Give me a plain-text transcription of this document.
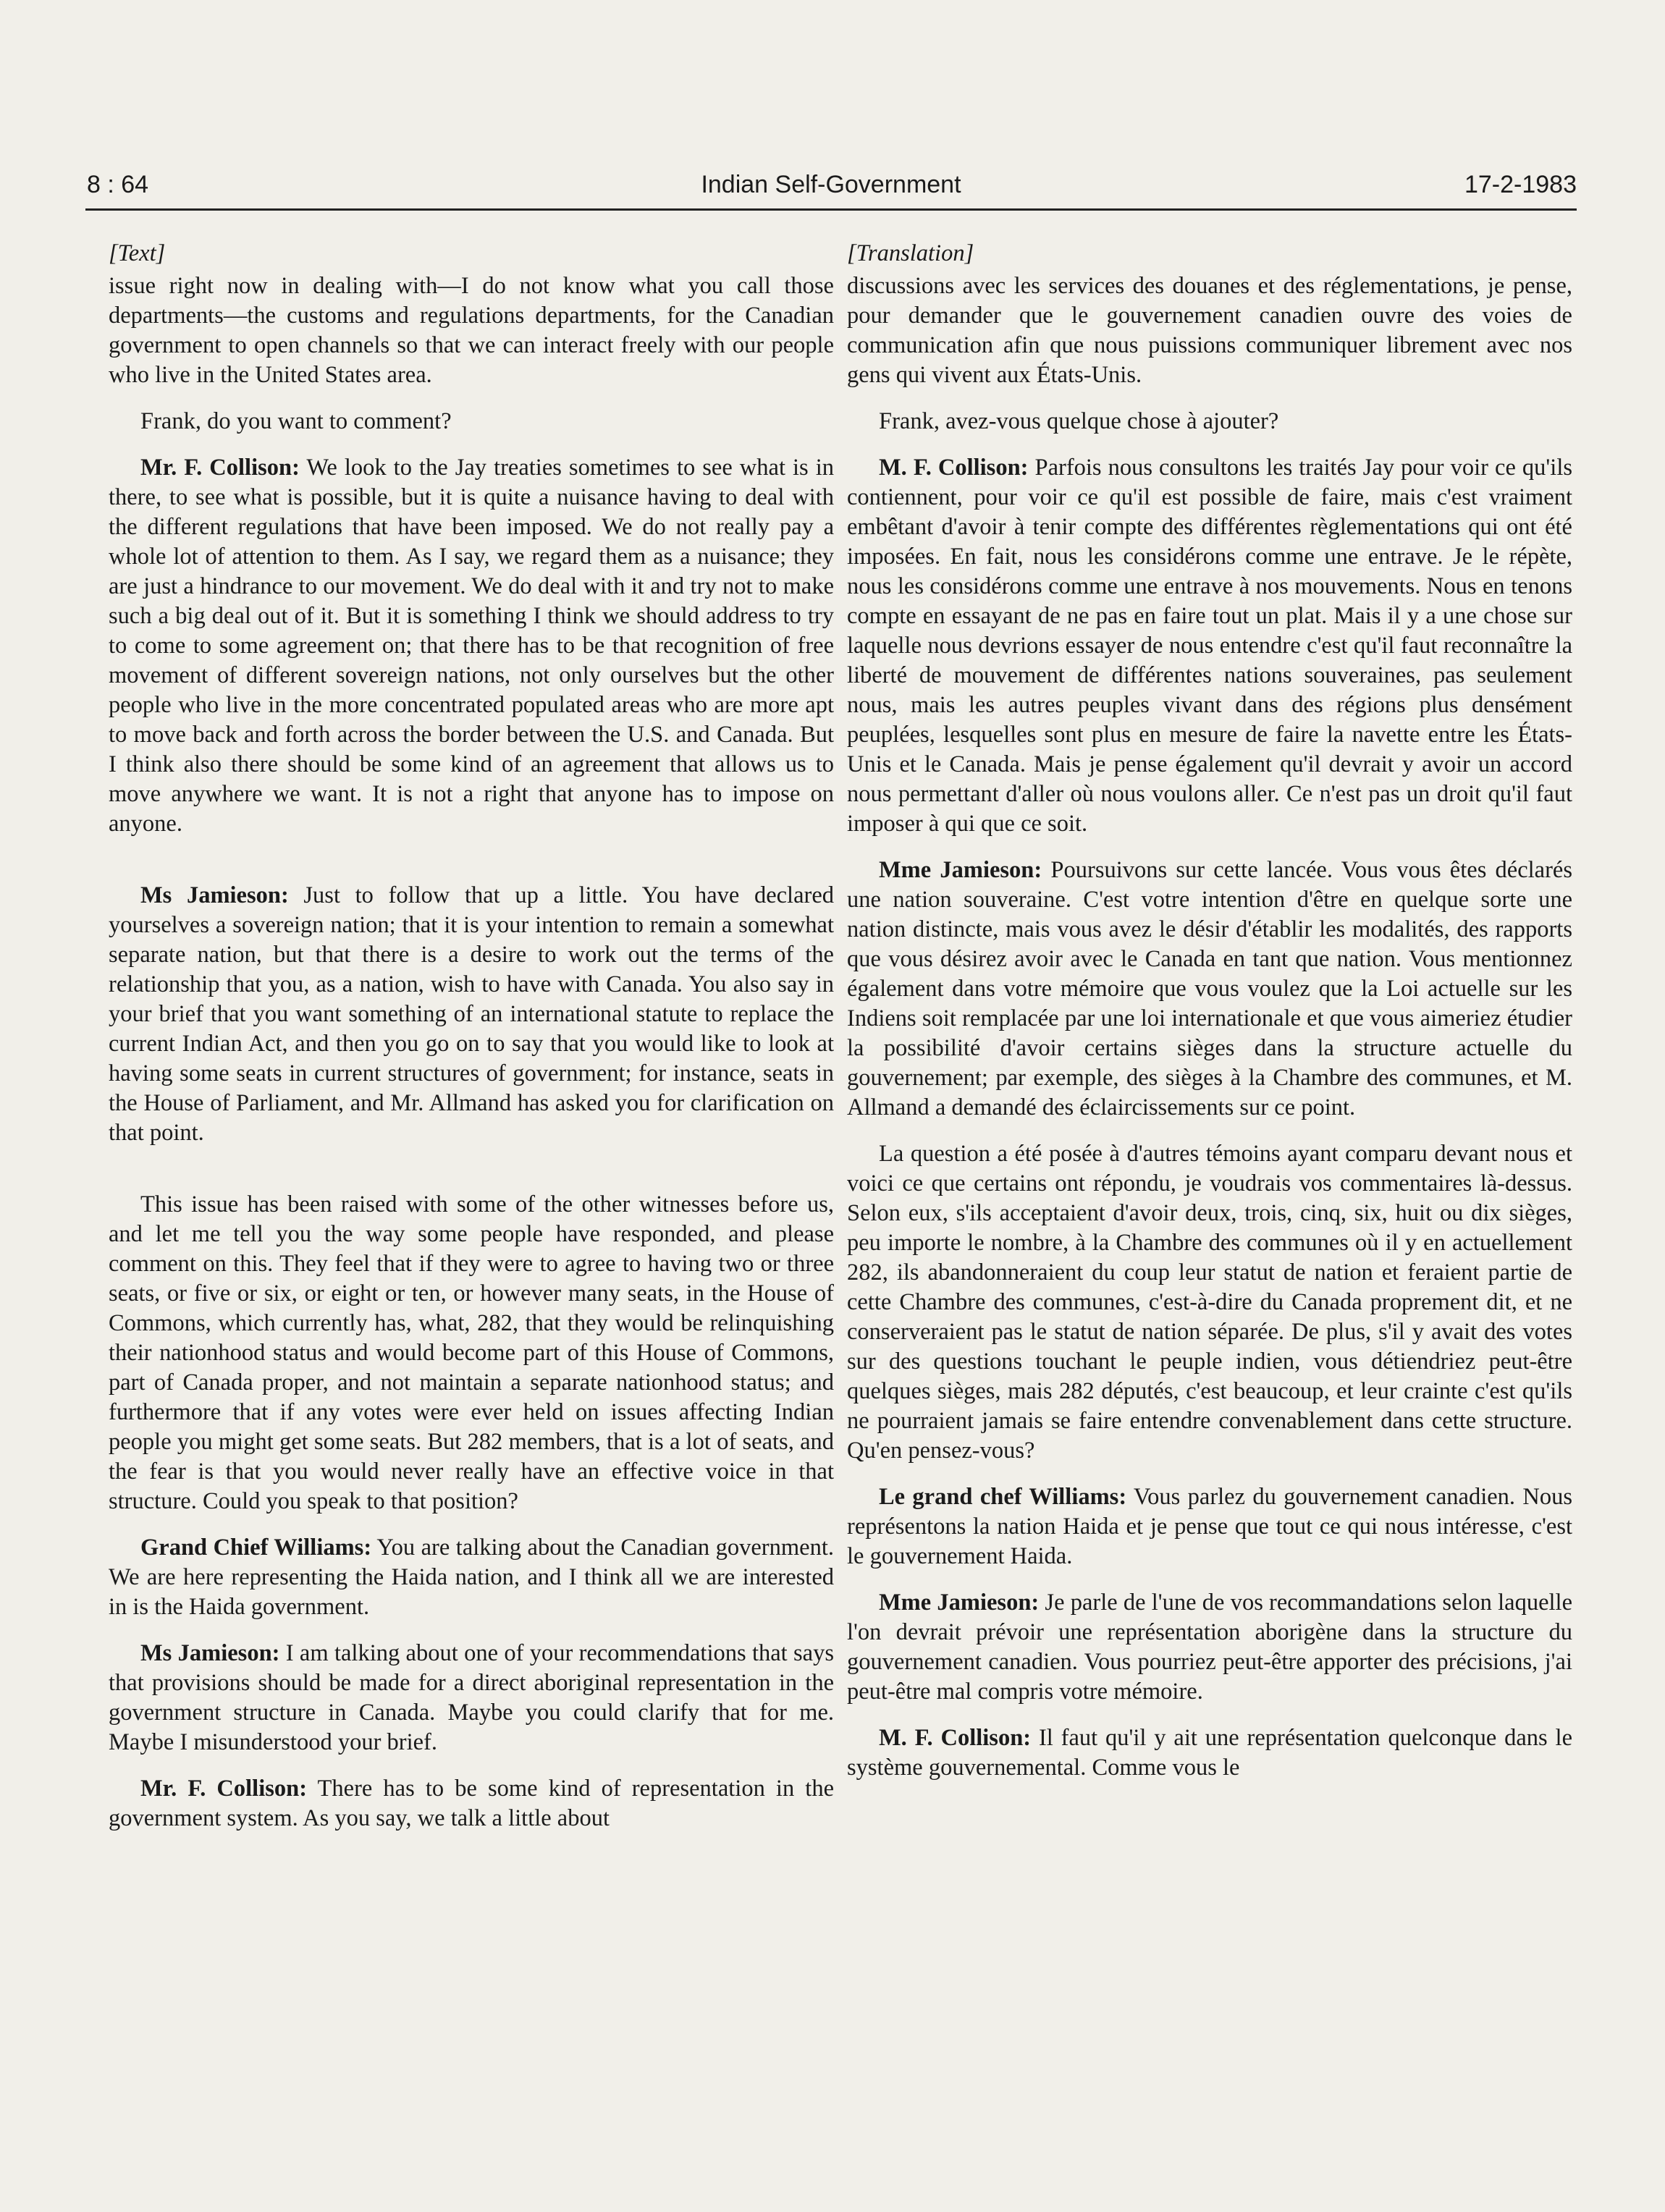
8 : 64	Indian Self-Government	17-2-1983
[Text]

issue right now in dealing with—I do not know what you call those departments—the customs and regulations departments, for the Canadian government to open channels so that we can interact freely with our people who live in the United States area.

Frank, do you want to comment?

Mr. F. Collison: We look to the Jay treaties sometimes to see what is in there, to see what is possible, but it is quite a nuisance having to deal with the different regulations that have been imposed. We do not really pay a whole lot of attention to them. As I say, we regard them as a nuisance; they are just a hindrance to our movement. We do deal with it and try not to make such a big deal out of it. But it is something I think we should address to try to come to some agreement on; that there has to be that recognition of free movement of different sovereign nations, not only ourselves but the other people who live in the more concentrated populated areas who are more apt to move back and forth across the border between the U.S. and Canada. But I think also there should be some kind of an agreement that allows us to move anywhere we want. It is not a right that anyone has to impose on anyone.

Ms Jamieson: Just to follow that up a little. You have declared yourselves a sovereign nation; that it is your intention to remain a somewhat separate nation, but that there is a desire to work out the terms of the relationship that you, as a nation, wish to have with Canada. You also say in your brief that you want something of an international statute to replace the current Indian Act, and then you go on to say that you would like to look at having some seats in current structures of government; for instance, seats in the House of Parliament, and Mr. Allmand has asked you for clarification on that point.

This issue has been raised with some of the other witnesses before us, and let me tell you the way some people have responded, and please comment on this. They feel that if they were to agree to having two or three seats, or five or six, or eight or ten, or however many seats, in the House of Commons, which currently has, what, 282, that they would be relinquishing their nationhood status and would become part of this House of Commons, part of Canada proper, and not maintain a separate nationhood status; and furthermore that if any votes were ever held on issues affecting Indian people you might get some seats. But 282 members, that is a lot of seats, and the fear is that you would never really have an effective voice in that structure. Could you speak to that position?

Grand Chief Williams: You are talking about the Canadian government. We are here representing the Haida nation, and I think all we are interested in is the Haida government.

Ms Jamieson: I am talking about one of your recommendations that says that provisions should be made for a direct aboriginal representation in the government structure in Canada. Maybe you could clarify that for me. Maybe I misunderstood your brief.

Mr. F. Collison: There has to be some kind of representation in the government system. As you say, we talk a little about

[Translation]

discussions avec les services des douanes et des réglementations, je pense, pour demander que le gouvernement canadien ouvre des voies de communication afin que nous puissions communiquer librement avec nos gens qui vivent aux États-Unis.

Frank, avez-vous quelque chose à ajouter?

M. F. Collison: Parfois nous consultons les traités Jay pour voir ce qu'ils contiennent, pour voir ce qu'il est possible de faire, mais c'est vraiment embêtant d'avoir à tenir compte des différentes règlementations qui ont été imposées. En fait, nous les considérons comme une entrave. Je le répète, nous les considérons comme une entrave à nos mouvements. Nous en tenons compte en essayant de ne pas en faire tout un plat. Mais il y a une chose sur laquelle nous devrions essayer de nous entendre c'est qu'il faut reconnaître la liberté de mouvement de différentes nations souveraines, pas seulement nous, mais les autres peuples vivant dans des régions plus densément peuplées, lesquelles sont plus en mesure de faire la navette entre les États-Unis et le Canada. Mais je pense également qu'il devrait y avoir un accord nous permettant d'aller où nous voulons aller. Ce n'est pas un droit qu'il faut imposer à qui que ce soit.

Mme Jamieson: Poursuivons sur cette lancée. Vous vous êtes déclarés une nation souveraine. C'est votre intention d'être en quelque sorte une nation distincte, mais vous avez le désir d'établir les modalités, des rapports que vous désirez avoir avec le Canada en tant que nation. Vous mentionnez également dans votre mémoire que vous voulez que la Loi actuelle sur les Indiens soit remplacée par une loi internationale et que vous aimeriez étudier la possibilité d'avoir certains sièges dans la structure actuelle du gouvernement; par exemple, des sièges à la Chambre des communes, et M. Allmand a demandé des éclaircissements sur ce point.

La question a été posée à d'autres témoins ayant comparu devant nous et voici ce que certains ont répondu, je voudrais vos commentaires là-dessus. Selon eux, s'ils acceptaient d'avoir deux, trois, cinq, six, huit ou dix sièges, peu importe le nombre, à la Chambre des communes où il y en actuellement 282, ils abandonneraient du coup leur statut de nation et feraient partie de cette Chambre des communes, c'est-à-dire du Canada proprement dit, et ne conserveraient pas le statut de nation séparée. De plus, s'il y avait des votes sur des questions touchant le peuple indien, vous détiendriez peut-être quelques sièges, mais 282 députés, c'est beaucoup, et leur crainte c'est qu'ils ne pourraient jamais se faire entendre convenablement dans cette structure. Qu'en pensez-vous?

Le grand chef Williams: Vous parlez du gouvernement canadien. Nous représentons la nation Haida et je pense que tout ce qui nous intéresse, c'est le gouvernement Haida.

Mme Jamieson: Je parle de l'une de vos recommandations selon laquelle l'on devrait prévoir une représentation aborigène dans la structure du gouvernement canadien. Vous pourriez peut-être apporter des précisions, j'ai peut-être mal compris votre mémoire.

M. F. Collison: Il faut qu'il y ait une représentation quelconque dans le système gouvernemental. Comme vous le
